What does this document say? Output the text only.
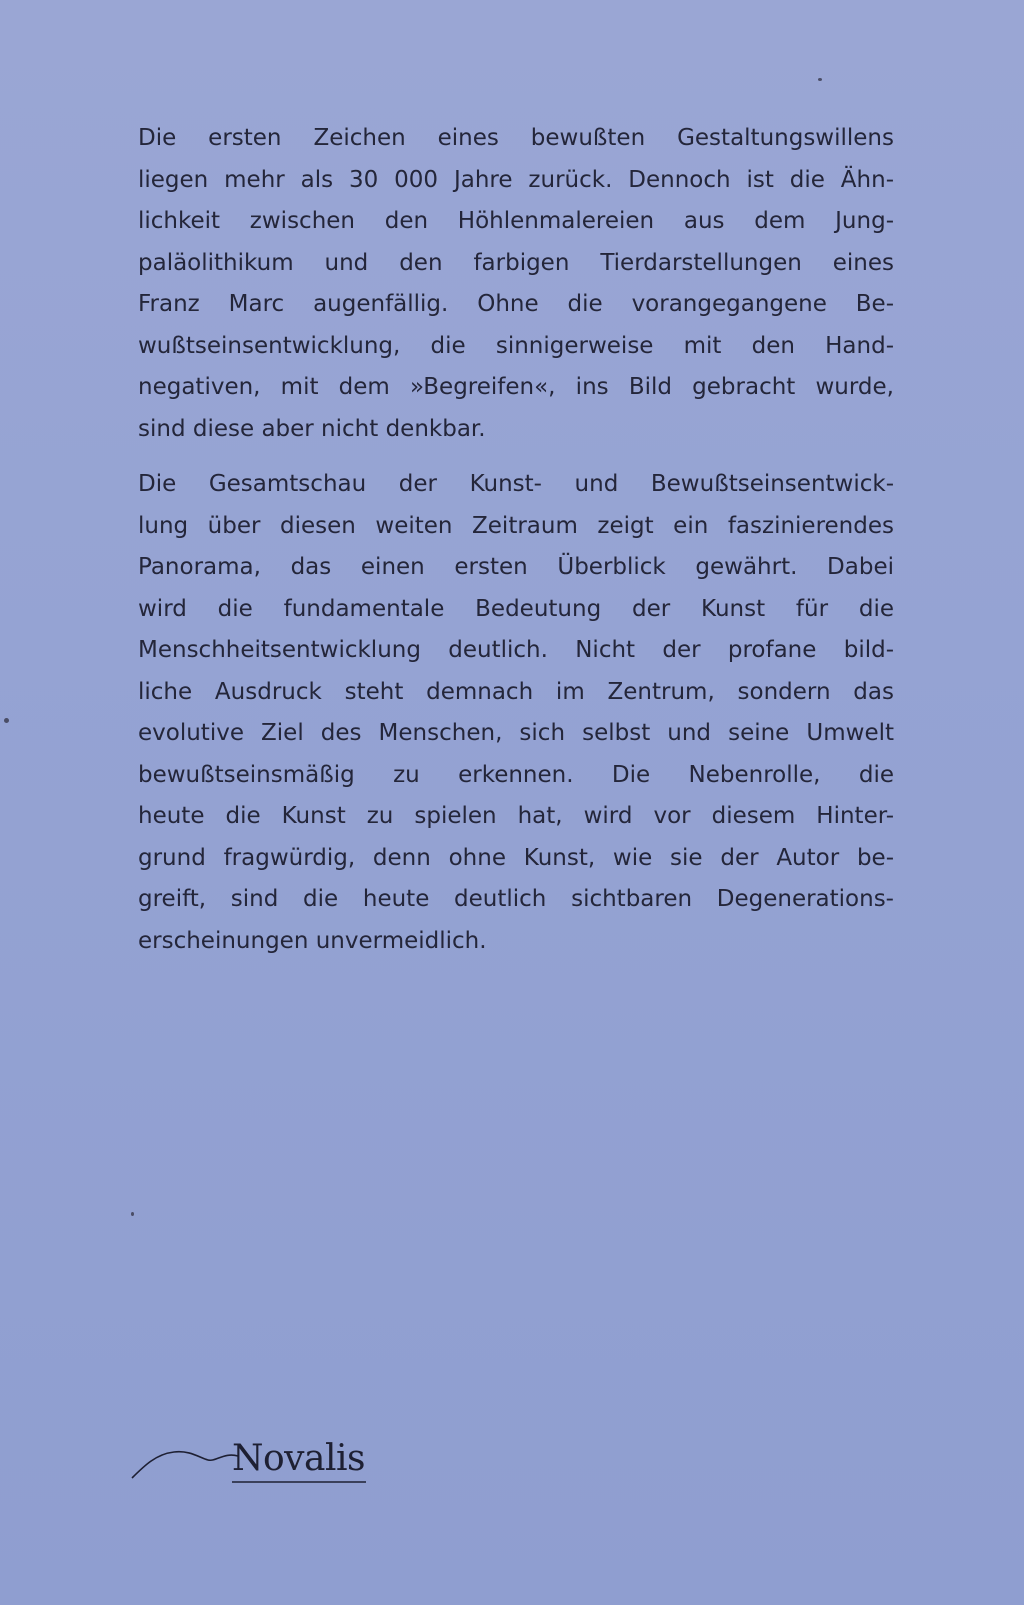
Die ersten Zeichen eines bewußten Gestaltungswillens
liegen mehr als 30 000 Jahre zurück. Dennoch ist die Ähn-
lichkeit zwischen den Höhlenmalereien aus dem Jung-
paläolithikum und den farbigen Tierdarstellungen eines
Franz Marc augenfällig. Ohne die vorangegangene Be-
wußtseinsentwicklung, die sinnigerweise mit den Hand-
negativen, mit dem »Begreifen«, ins Bild gebracht wurde,
sind diese aber nicht denkbar.
Die Gesamtschau der Kunst- und Bewußtseinsentwick-
lung über diesen weiten Zeitraum zeigt ein faszinierendes
Panorama, das einen ersten Überblick gewährt. Dabei
wird die fundamentale Bedeutung der Kunst für die
Menschheitsentwicklung deutlich. Nicht der profane bild-
liche Ausdruck steht demnach im Zentrum, sondern das
evolutive Ziel des Menschen, sich selbst und seine Umwelt
bewußtseinsmäßig zu erkennen. Die Nebenrolle, die
heute die Kunst zu spielen hat, wird vor diesem Hinter-
grund fragwürdig, denn ohne Kunst, wie sie der Autor be-
greift, sind die heute deutlich sichtbaren Degenerations-
erscheinungen unvermeidlich.
Novalis
